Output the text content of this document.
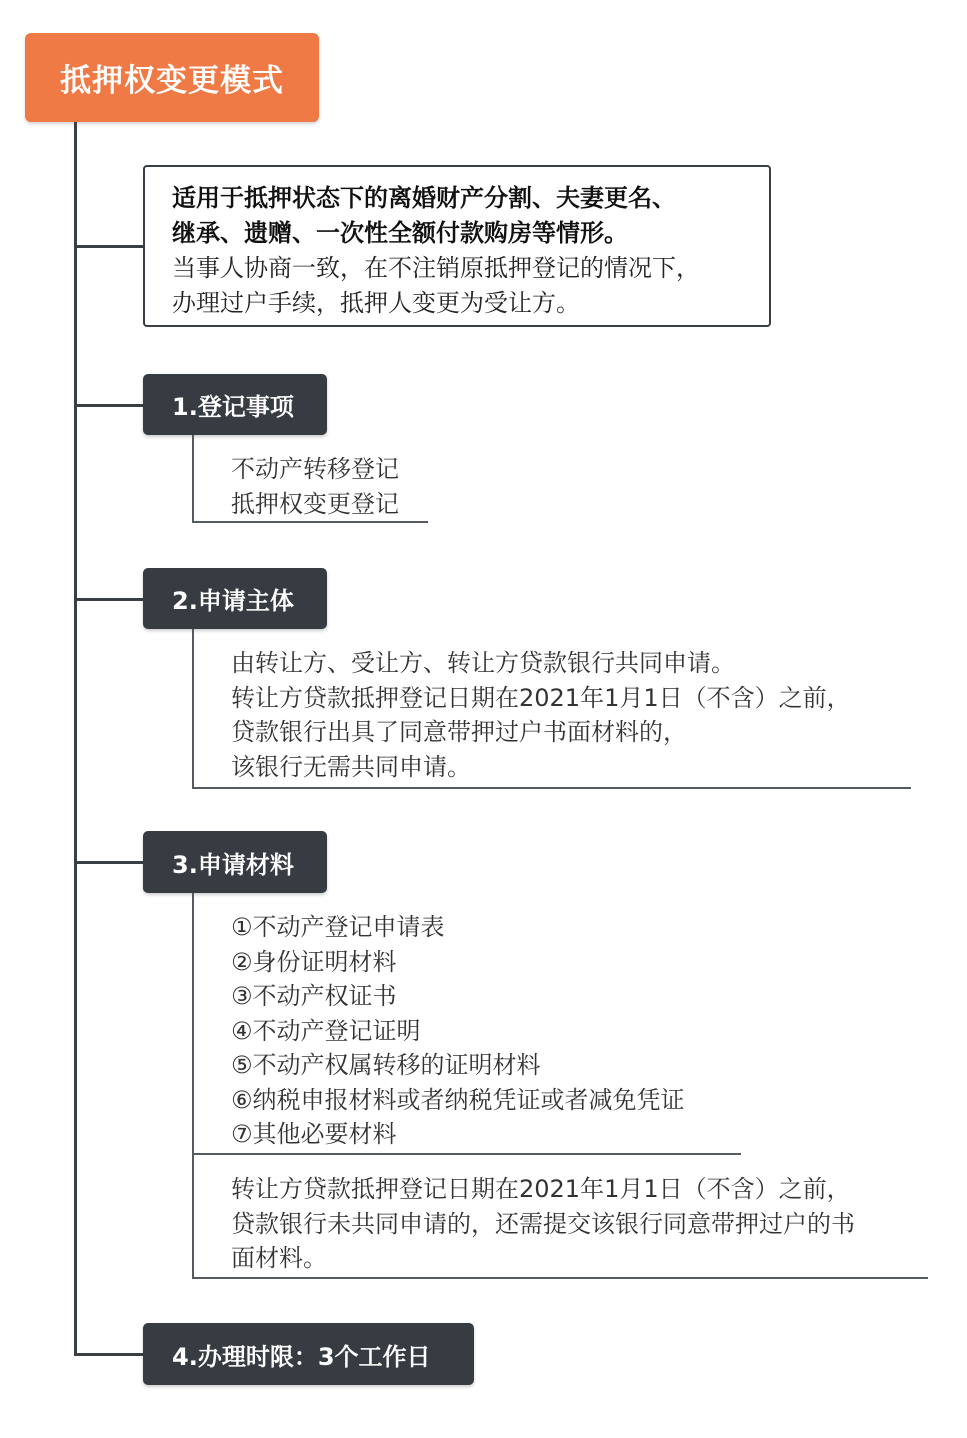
抵押权变更模式
适用于抵押状态下的离婚财产分割、夫妻更名、
继承、遗赠、一次性全额付款购房等情形。
当事人协商一致，在不注销原抵押登记的情况下，
办理过户手续，抵押人变更为受让方。
1.登记事项
不动产转移登记
抵押权变更登记
2.申请主体
由转让方、受让方、转让方贷款银行共同申请。
转让方贷款抵押登记日期在2021年1月1日（不含）之前，
贷款银行出具了同意带押过户书面材料的，
该银行无需共同申请。
3.申请材料
①不动产登记申请表
②身份证明材料
③不动产权证书
④不动产登记证明
⑤不动产权属转移的证明材料
⑥纳税申报材料或者纳税凭证或者减免凭证
⑦其他必要材料
转让方贷款抵押登记日期在2021年1月1日（不含）之前，
贷款银行未共同申请的，还需提交该银行同意带押过户的书
面材料。
4.办理时限：3个工作日
